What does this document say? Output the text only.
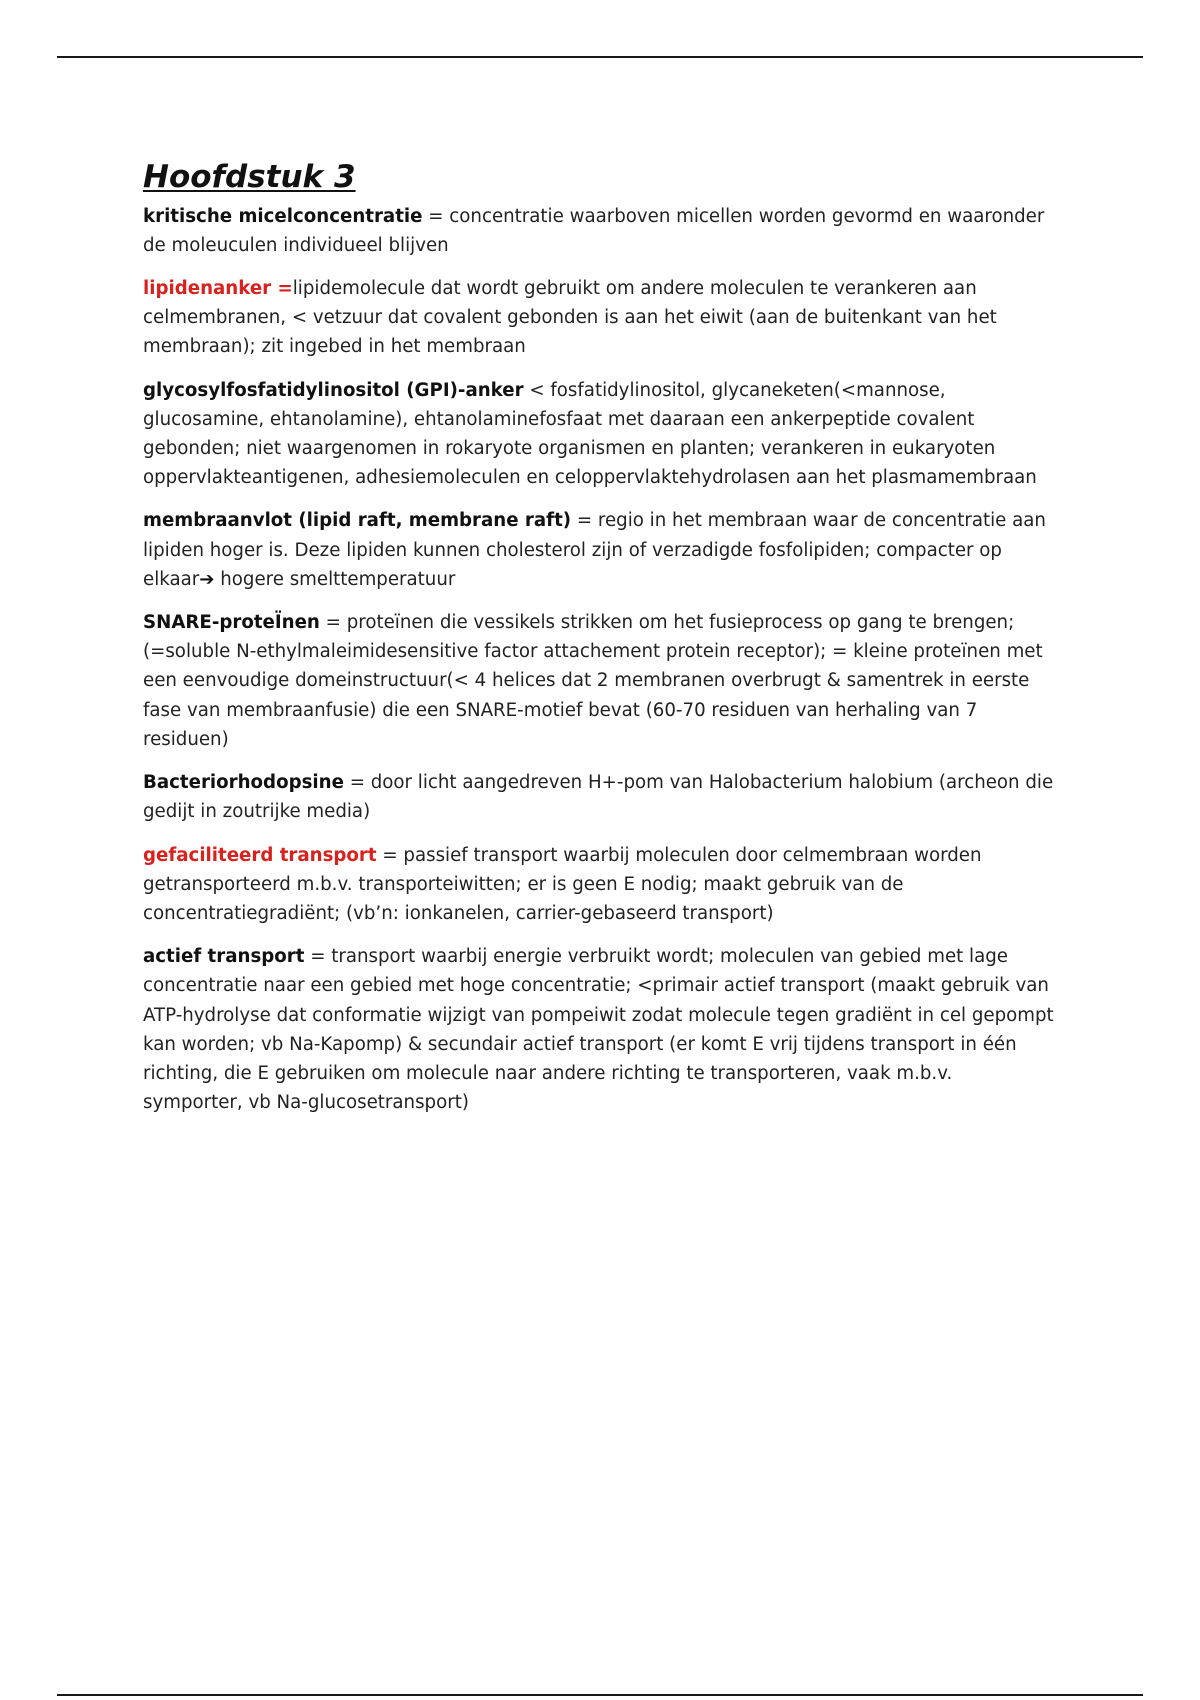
Hoofdstuk 3

kritische micelconcentratie = concentratie waarboven micellen worden gevormd en waaronder de moleuculen individueel blijven

lipidenanker =lipidemolecule dat wordt gebruikt om andere moleculen te verankeren aan celmembranen, < vetzuur dat covalent gebonden is aan het eiwit (aan de buitenkant van het membraan); zit ingebed in het membraan

glycosylfosfatidylinositol (GPI)-anker < fosfatidylinositol, glycaneketen(<mannose, glucosamine, ehtanolamine), ehtanolaminefosfaat met daaraan een ankerpeptide covalent gebonden; niet waargenomen in rokaryote organismen en planten; verankeren in eukaryoten oppervlakteantigenen, adhesiemoleculen en celoppervlaktehydrolasen aan het plasmamembraan

membraanvlot (lipid raft, membrane raft) = regio in het membraan waar de concentratie aan lipiden hoger is. Deze lipiden kunnen cholesterol zijn of verzadigde fosfolipiden; compacter op elkaar➔ hogere smelttemperatuur

SNARE-proteÏnen = proteïnen die vessikels strikken om het fusieprocess op gang te brengen; (=soluble N-ethylmaleimidesensitive factor attachement protein receptor); = kleine proteïnen met een eenvoudige domeinstructuur(< 4 helices dat 2 membranen overbrugt & samentrek in eerste fase van membraanfusie) die een SNARE-motief bevat (60-70 residuen van herhaling van 7 residuen)

Bacteriorhodopsine = door licht aangedreven H+-pom van Halobacterium halobium (archeon die gedijt in zoutrijke media)

gefaciliteerd transport = passief transport waarbij moleculen door celmembraan worden getransporteerd m.b.v. transporteiwitten; er is geen E nodig; maakt gebruik van de concentratiegradiënt; (vb’n: ionkanelen, carrier-gebaseerd transport)

actief transport = transport waarbij energie verbruikt wordt; moleculen van gebied met lage concentratie naar een gebied met hoge concentratie; <primair actief transport (maakt gebruik van ATP-hydrolyse dat conformatie wijzigt van pompeiwit zodat molecule tegen gradiënt in cel gepompt kan worden; vb Na-Kapomp) & secundair actief transport (er komt E vrij tijdens transport in één richting, die E gebruiken om molecule naar andere richting te transporteren, vaak m.b.v. symporter, vb Na-glucosetransport)
